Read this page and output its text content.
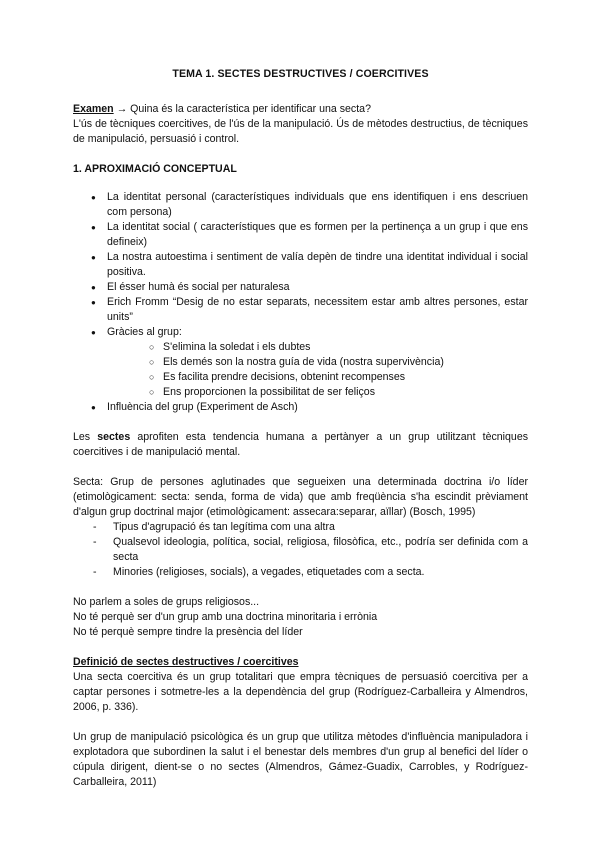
TEMA 1. SECTES DESTRUCTIVES / COERCITIVES

Examen → Quina és la característica per identificar una secta?

L'ús de tècniques coercitives, de l'ús de la manipulació. Ús de mètodes destructius, de tècniques de manipulació, persuasió i control.

1. APROXIMACIÓ CONCEPTUAL

● La identitat personal (característiques individuals que ens identifiquen i ens descriuen com persona)
● La identitat social ( característiques que es formen per la pertinença a un grup i que ens defineix)
● La nostra autoestima i sentiment de valía depèn de tindre una identitat individual i social positiva.
● El ésser humà és social per naturalesa
● Erich Fromm “Desig de no estar separats, necessitem estar amb altres persones, estar units”
● Gràcies al grup:
○ S'elimina la soledat i els dubtes
○ Els demés son la nostra guía de vida (nostra supervivència)
○ Es facilita prendre decisions, obtenint recompenses
○ Ens proporcionen la possibilitat de ser feliços
● Influència del grup (Experiment de Asch)

Les sectes aprofiten esta tendencia humana a pertànyer a un grup utilitzant tècniques coercitives i de manipulació mental.

Secta: Grup de persones aglutinades que segueixen una determinada doctrina i/o líder (etimològicament: secta: senda, forma de vida) que amb freqüència s'ha escindit prèviament d'algun grup doctrinal major (etimològicament: assecara:separar, aïllar) (Bosch, 1995)

- Tipus d'agrupació és tan legítima com una altra
- Qualsevol ideologia, política, social, religiosa, filosòfica, etc., podría ser definida com a secta
- Minories (religioses, socials), a vegades, etiquetades com a secta.

No parlem a soles de grups religiosos...

No té perquè ser d'un grup amb una doctrina minoritaria i errònia

No té perquè sempre tindre la presència del líder

Definició de sectes destructives / coercitives

Una secta coercitiva és un grup totalitari que empra tècniques de persuasió coercitiva per a captar persones i sotmetre-les a la dependència del grup (Rodríguez-Carballeira y Almendros, 2006, p. 336).

Un grup de manipulació psicològica és un grup que utilitza mètodes d'influència manipuladora i explotadora que subordinen la salut i el benestar dels membres d'un grup al benefici del líder o cúpula dirigent, dient-se o no sectes (Almendros, Gámez-Guadix, Carrobles, y Rodríguez- Carballeira, 2011)
